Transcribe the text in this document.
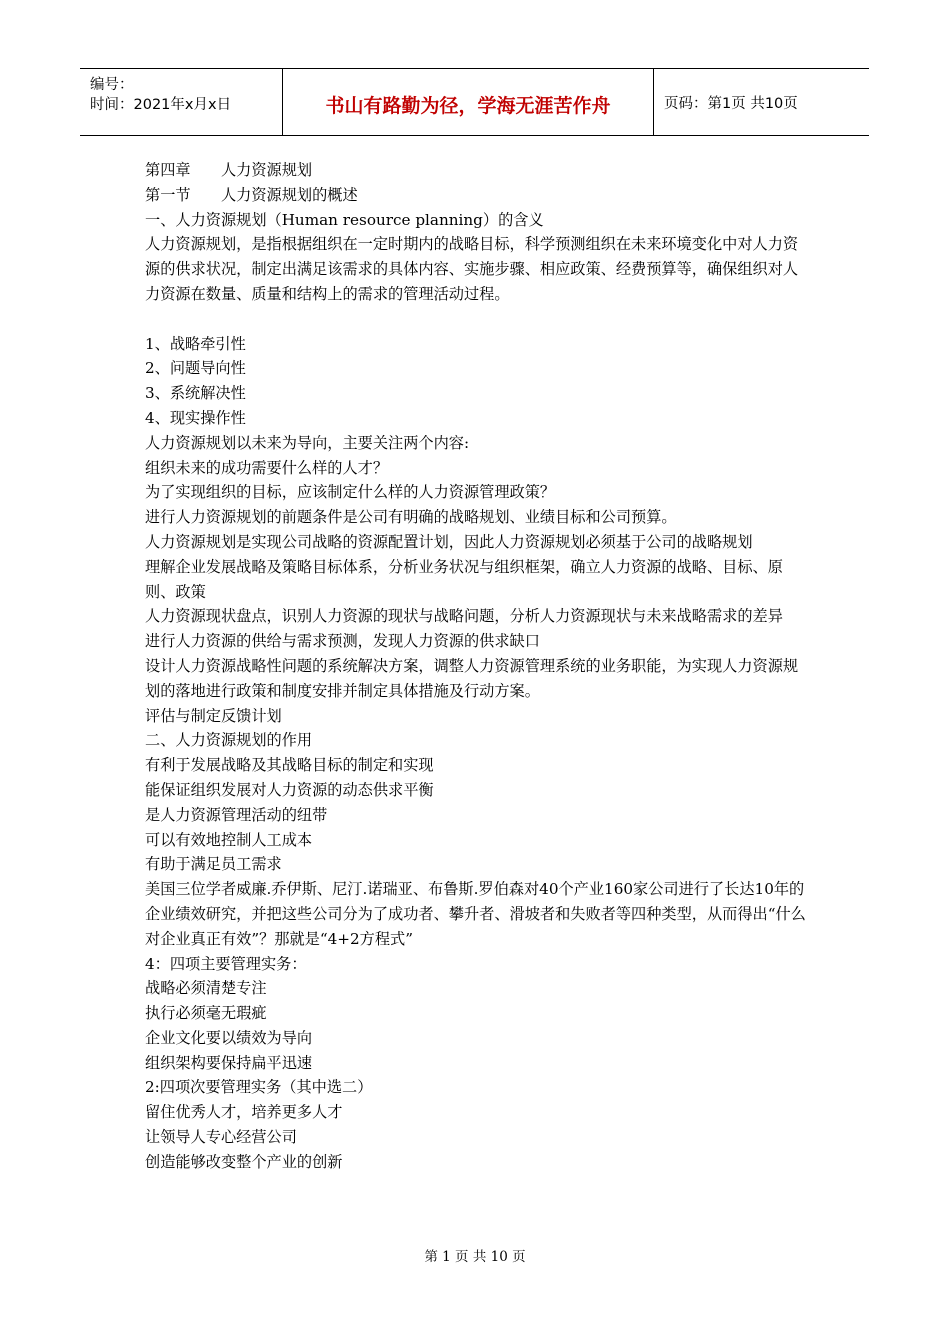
编号：
时间：2021年x月x日	书山有路勤为径，学海无涯苦作舟	页码：第1页 共10页

第四章　　人力资源规划

第一节　　人力资源规划的概述

一、人力资源规划（Human resource planning）的含义

人力资源规划，是指根据组织在一定时期内的战略目标，科学预测组织在未来环境变化中对人力资源的供求状况，制定出满足该需求的具体内容、实施步骤、相应政策、经费预算等，确保组织对人力资源在数量、质量和结构上的需求的管理活动过程。

1、战略牵引性

2、问题导向性

3、系统解决性

4、现实操作性

人力资源规划以未来为导向，主要关注两个内容:

组织未来的成功需要什么样的人才？

为了实现组织的目标，应该制定什么样的人力资源管理政策？

进行人力资源规划的前题条件是公司有明确的战略规划、业绩目标和公司预算。

人力资源规划是实现公司战略的资源配置计划，因此人力资源规划必须基于公司的战略规划

理解企业发展战略及策略目标体系，分析业务状况与组织框架，确立人力资源的战略、目标、原则、政策

人力资源现状盘点，识别人力资源的现状与战略问题，分析人力资源现状与未来战略需求的差异

进行人力资源的供给与需求预测，发现人力资源的供求缺口

设计人力资源战略性问题的系统解决方案，调整人力资源管理系统的业务职能，为实现人力资源规划的落地进行政策和制度安排并制定具体措施及行动方案。

评估与制定反馈计划

二、人力资源规划的作用

有利于发展战略及其战略目标的制定和实现

能保证组织发展对人力资源的动态供求平衡

是人力资源管理活动的纽带

可以有效地控制人工成本

有助于满足员工需求

美国三位学者威廉.乔伊斯、尼汀.诺瑞亚、布鲁斯.罗伯森对40个产业160家公司进行了长达10年的企业绩效研究，并把这些公司分为了成功者、攀升者、滑坡者和失败者等四种类型，从而得出“什么对企业真正有效”？那就是“4+2方程式”

4：四项主要管理实务：

战略必须清楚专注

执行必须毫无瑕疵

企业文化要以绩效为导向

组织架构要保持扁平迅速

2:四项次要管理实务（其中选二）

留住优秀人才，培养更多人才

让领导人专心经营公司

创造能够改变整个产业的创新

第 1 页 共 10 页
